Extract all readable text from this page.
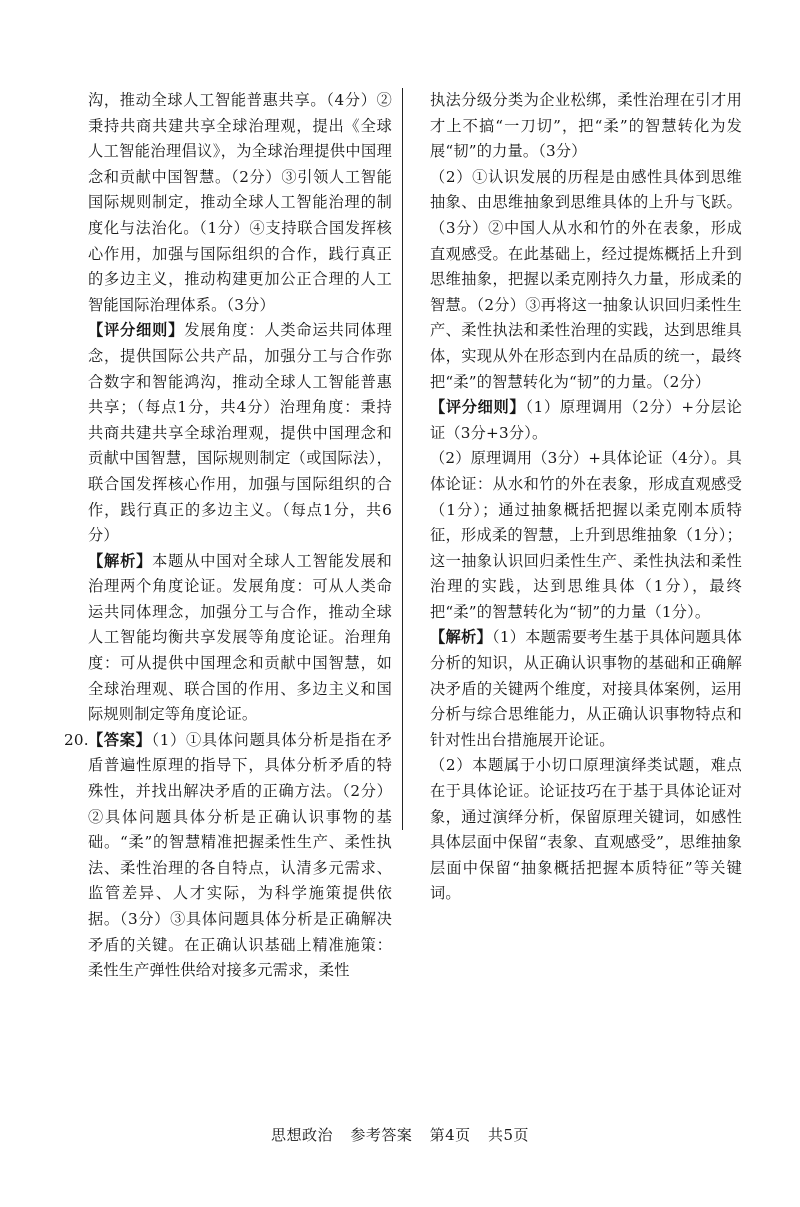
沟，推动全球人工智能普惠共享。（4分）②秉持共商共建共享全球治理观，提出《全球人工智能治理倡议》，为全球治理提供中国理念和贡献中国智慧。（2分）③引领人工智能国际规则制定，推动全球人工智能治理的制度化与法治化。（1分）④支持联合国发挥核心作用，加强与国际组织的合作，践行真正的多边主义，推动构建更加公正合理的人工智能国际治理体系。（3分）

【评分细则】发展角度：人类命运共同体理念，提供国际公共产品，加强分工与合作弥合数字和智能鸿沟，推动全球人工智能普惠共享；（每点1分，共4分）治理角度：秉持共商共建共享全球治理观，提供中国理念和贡献中国智慧，国际规则制定（或国际法），联合国发挥核心作用，加强与国际组织的合作，践行真正的多边主义。（每点1分，共6分）

【解析】本题从中国对全球人工智能发展和治理两个角度论证。发展角度：可从人类命运共同体理念，加强分工与合作，推动全球人工智能均衡共享发展等角度论证。治理角度：可从提供中国理念和贡献中国智慧，如全球治理观、联合国的作用、多边主义和国际规则制定等角度论证。

20. 【答案】（1）①具体问题具体分析是指在矛盾普遍性原理的指导下，具体分析矛盾的特殊性，并找出解决矛盾的正确方法。（2分）②具体问题具体分析是正确认识事物的基础。“柔”的智慧精准把握柔性生产、柔性执法、柔性治理的各自特点，认清多元需求、监管差异、人才实际，为科学施策提供依据。（3分）③具体问题具体分析是正确解决矛盾的关键。在正确认识基础上精准施策：柔性生产弹性供给对接多元需求，柔性

执法分级分类为企业松绑，柔性治理在引才用才上不搞“一刀切”，把“柔”的智慧转化为发展“韧”的力量。（3分）

（2）①认识发展的历程是由感性具体到思维抽象、由思维抽象到思维具体的上升与飞跃。（3分）②中国人从水和竹的外在表象，形成直观感受。在此基础上，经过提炼概括上升到思维抽象，把握以柔克刚持久力量，形成柔的智慧。（2分）③再将这一抽象认识回归柔性生产、柔性执法和柔性治理的实践，达到思维具体，实现从外在形态到内在品质的统一，最终把“柔”的智慧转化为“韧”的力量。（2分）

【评分细则】（1）原理调用（2分）+分层论证（3分+3分）。

（2）原理调用（3分）+具体论证（4分）。具体论证：从水和竹的外在表象，形成直观感受（1分）；通过抽象概括把握以柔克刚本质特征，形成柔的智慧，上升到思维抽象（1分）；这一抽象认识回归柔性生产、柔性执法和柔性治理的实践，达到思维具体（1分），最终把“柔”的智慧转化为“韧”的力量（1分）。

【解析】（1）本题需要考生基于具体问题具体分析的知识，从正确认识事物的基础和正确解决矛盾的关键两个维度，对接具体案例，运用分析与综合思维能力，从正确认识事物特点和针对性出台措施展开论证。

（2）本题属于小切口原理演绎类试题，难点在于具体论证。论证技巧在于基于具体论证对象，通过演绎分析，保留原理关键词，如感性具体层面中保留“表象、直观感受”，思维抽象层面中保留“抽象概括把握本质特征”等关键词。

思想政治 参考答案 第4页 共5页
